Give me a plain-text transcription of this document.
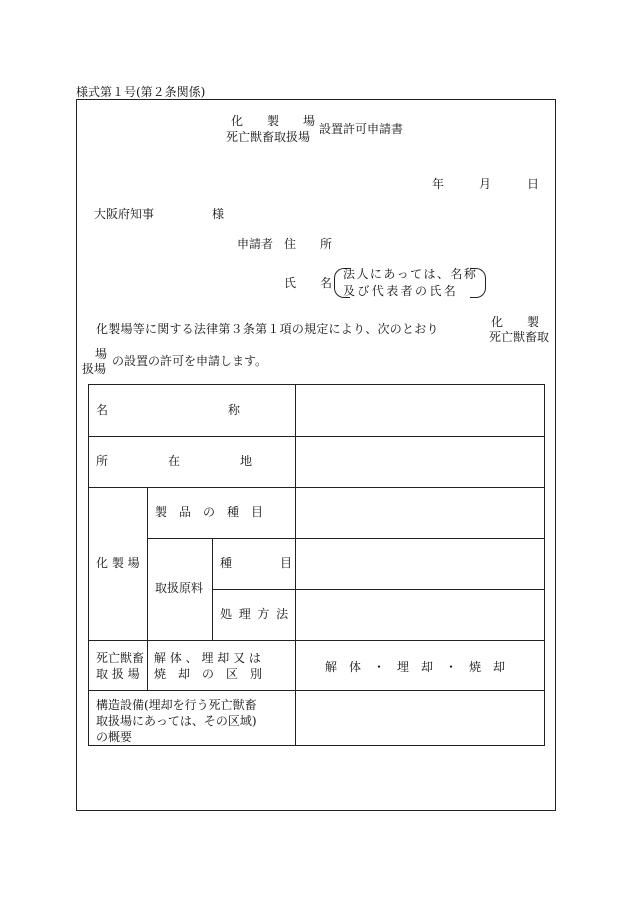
様式第１号(第２条関係)
化　　製　　場
死亡獣畜取扱場
設置許可申請書
年	月	日
大阪府知事	様
申請者 住　　所
氏　　名
法人にあっては、名称
及び代表者の氏名
化製場等に関する法律第３条第１項の規定により、次のとおり	化　　製
死亡獣畜取
場
扱場
の設置の許可を申請します。
名　　　　　　　　　　称
所　　　　　在　　　　　地
化 製 場
製　品　の　種　目
取扱原料
種　　　　目
処 理 方 法
死亡獣畜
取 扱 場
解 体 、 埋 却 又 は
焼　却　の　区　別	解　体　・　埋　却　・　焼　却
構造設備(埋却を行う死亡獣畜
取扱場にあっては、その区域)
の概要
